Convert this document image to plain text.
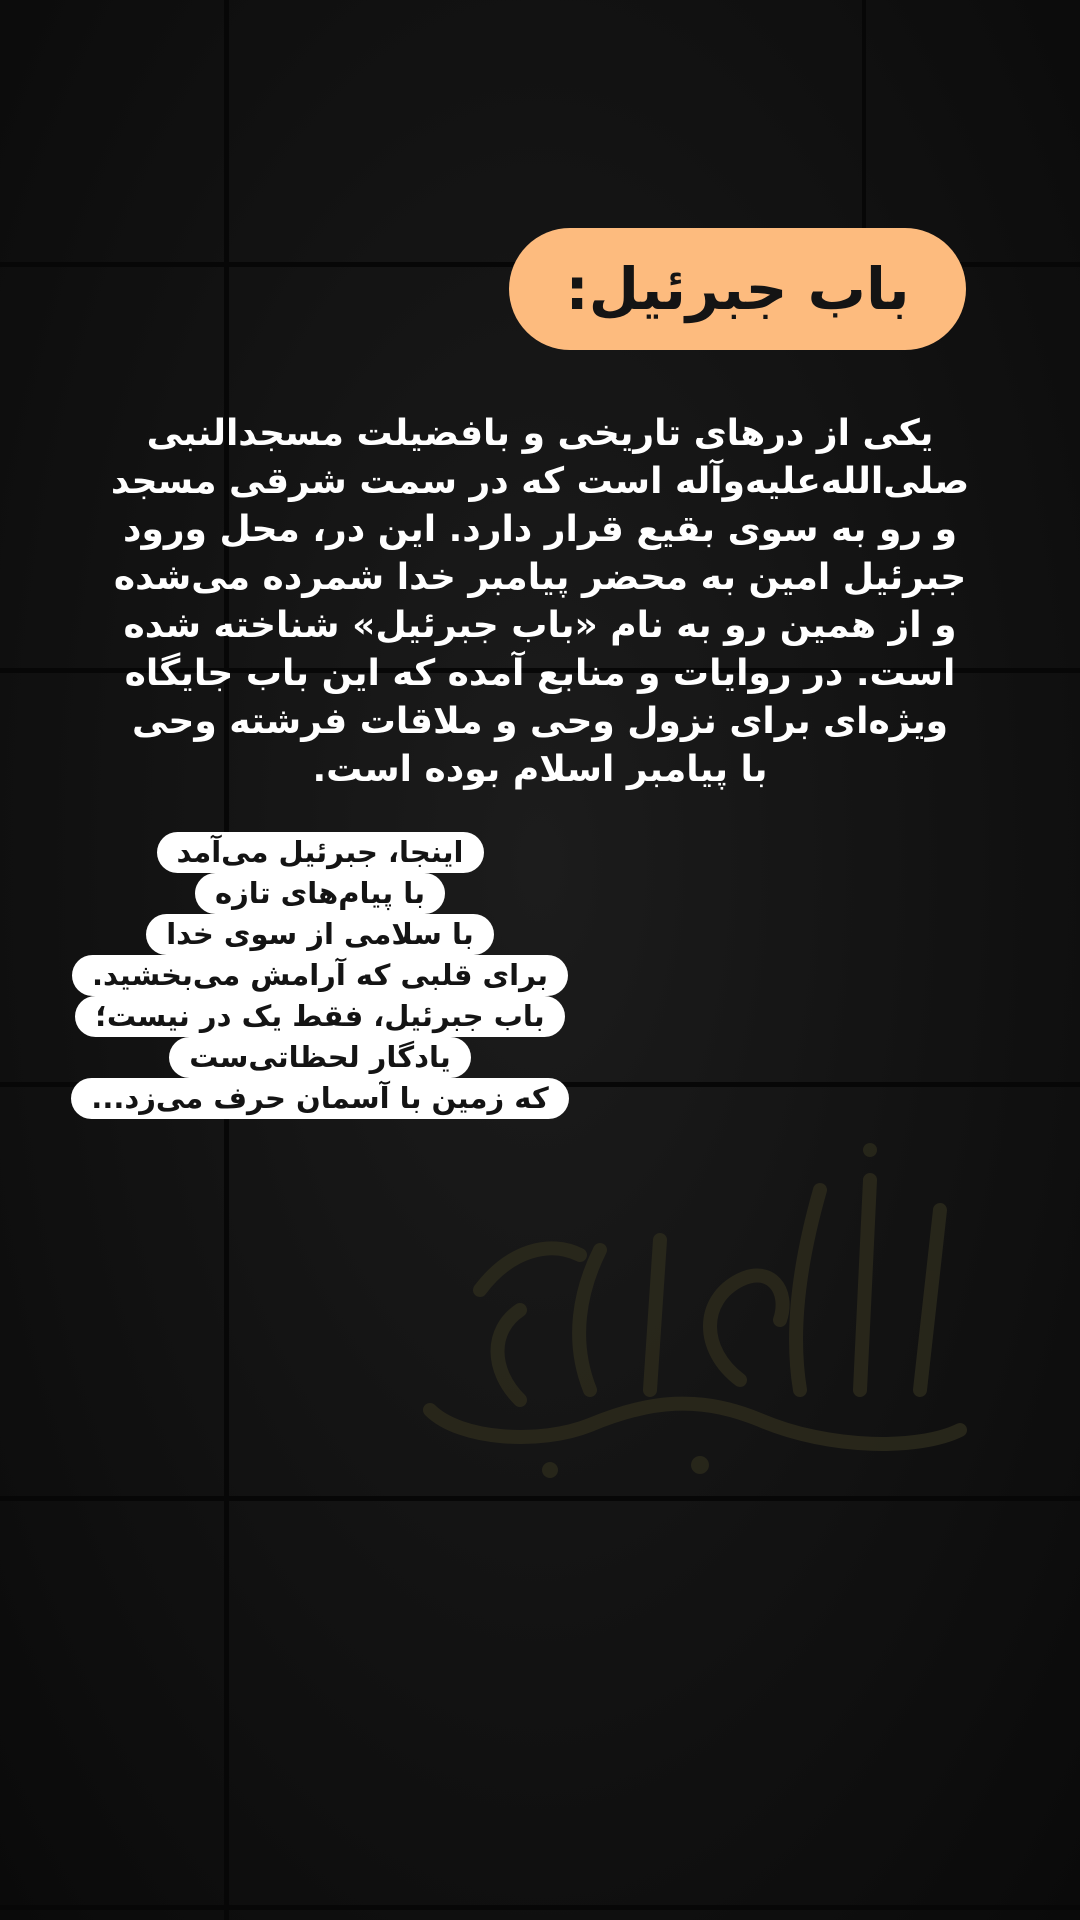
باب جبرئیل:
یکی از درهای تاریخی و بافضیلت مسجدالنبی
صلی‌الله‌علیه‌وآله است که در سمت شرقی مسجد
و رو به سوی بقیع قرار دارد. این در، محل ورود
جبرئیل امین به محضر پیامبر خدا شمرده می‌شده
و از همین رو به نام «باب جبرئیل» شناخته شده
است. در روایات و منابع آمده که این باب جایگاه
ویژه‌ای برای نزول وحی و ملاقات فرشته وحی
با پیامبر اسلام بوده است.
اینجا، جبرئیل می‌آمد
با پیام‌های تازه
با سلامی از سوی خدا
برای قلبی که آرامش می‌بخشید.
باب جبرئیل، فقط یک در نیست؛
یادگار لحظاتی‌ست
که زمین با آسمان حرف می‌زد...
